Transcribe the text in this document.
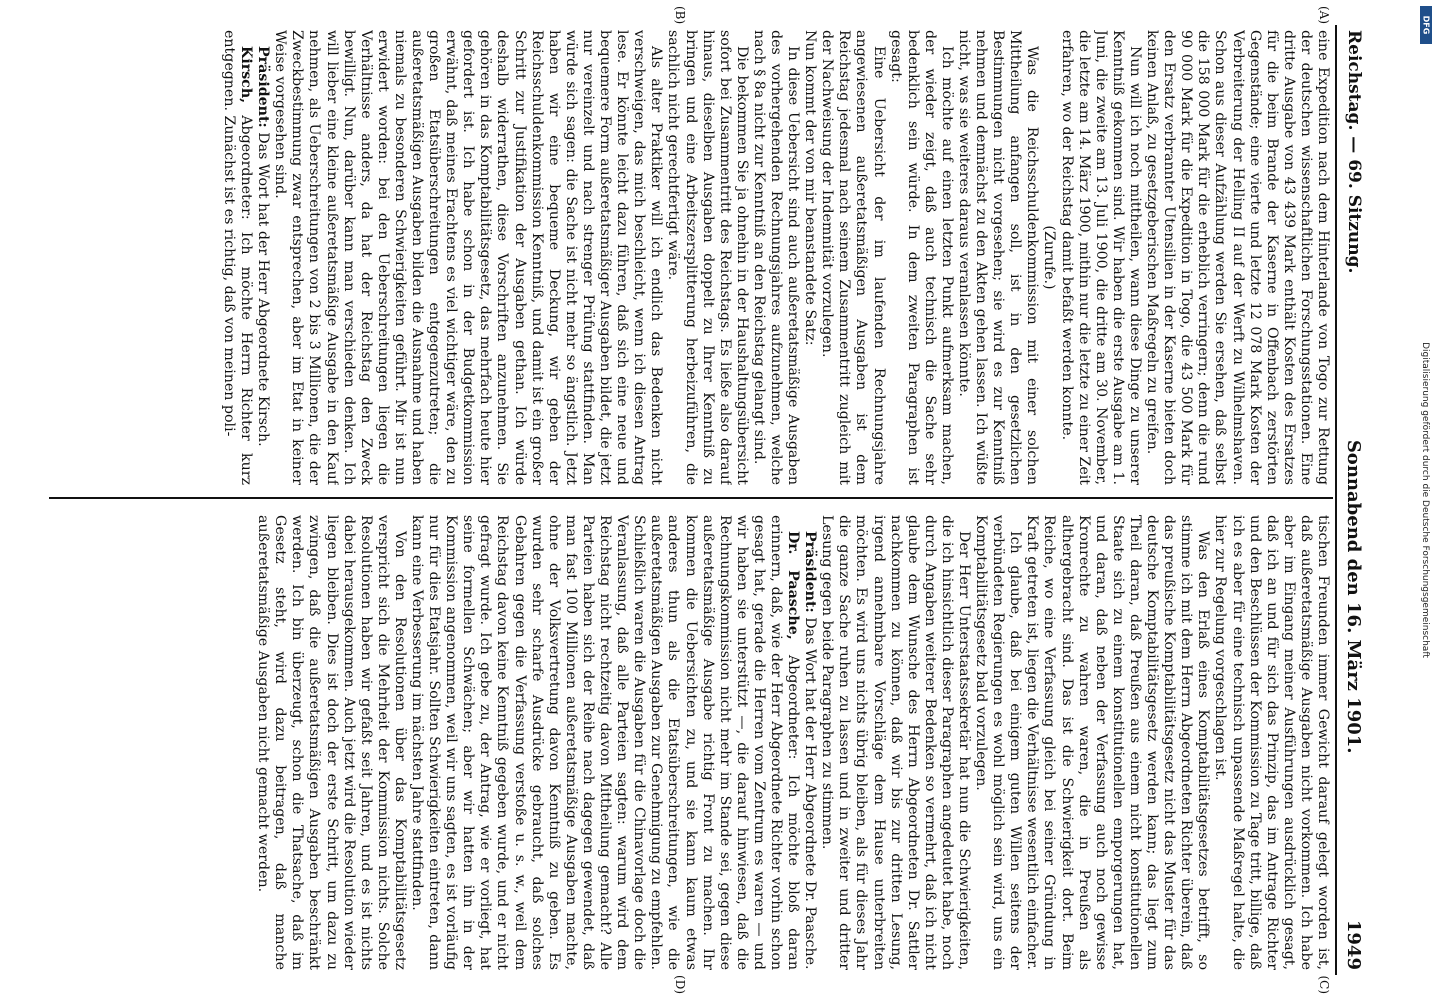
Reichstag. — 69. Sitzung.
Sonnabend den 16. März 1901.
1949
(A)
(B)
(C)
(D)

eine Expedition nach dem Hinterlande von Togo zur Rettung der deutschen wissenschaftlichen Forschungsstationen. Eine dritte Ausgabe von 43 439 Mark enthält Kosten des Ersatzes für die beim Brande der Kaserne in Offenbach zerstörten Gegenstände; eine vierte und letzte 12 078 Mark Kosten der Verbreiterung der Helling II auf der Werft zu Wilhelmshaven. Schon aus dieser Aufzählung werden Sie ersehen, daß selbst die 158 000 Mark für die erheblich verringern; denn die rund 90 000 Mark für die Expedition in Togo, die 43 500 Mark für den Ersatz verbrannter Utensilien in der Kaserne bieten doch keinen Anlaß, zu gesetzgeberischen Maßregeln zu greifen.

Nun will ich noch mittheilen, wann diese Dinge zu unserer Kenntniß gekommen sind. Wir haben die erste Ausgabe am 1. Juni, die zweite am 13. Juli 1900, die dritte am 30. November, die letzte am 14. März 1900, mithin nur die letzte zu einer Zeit erfahren, wo der Reichstag damit befaßt werden konnte.

(Zurufe.)

Was die Reichsschuldenkommission mit einer solchen Mittheilung anfangen soll, ist in den gesetzlichen Bestimmungen nicht vorgesehen; sie wird es zur Kenntniß nehmen und demnächst zu den Akten gehen lassen. Ich wüßte nicht, was sie weiteres daraus veranlassen könnte.

Ich möchte auf einen letzten Punkt aufmerksam machen, der wieder zeigt, daß auch technisch die Sache sehr bedenklich sein würde. In dem zweiten Paragraphen ist gesagt:

Eine Uebersicht der im laufenden Rechnungsjahre angewiesenen außeretatsmäßigen Ausgaben ist dem Reichstag jedesmal nach seinem Zusammentritt zugleich mit der Nachweisung der Indemnität vorzulegen.

Nun kommt der von mir beanstandete Satz:

In diese Uebersicht sind auch außeretatsmäßige Ausgaben des vorhergehenden Rechnungsjahres aufzunehmen, welche nach § 8a nicht zur Kenntniß an den Reichstag gelangt sind.

Die bekommen Sie ja ohnehin in der Haushaltungsübersicht sofort bei Zusammentritt des Reichstags. Es ließe also darauf hinaus, dieselben Ausgaben doppelt zu Ihrer Kenntniß zu bringen und eine Arbeitszersplitterung herbeizuführen, die sachlich nicht gerechtfertigt wäre.

Als alter Praktiker will ich endlich das Bedenken nicht verschweigen, das mich beschleicht, wenn ich diesen Antrag lese. Er könnte leicht dazu führen, daß sich eine neue und bequemere Form außeretatsmäßiger Ausgaben bildet, die jetzt nur vereinzelt und nach strenger Prüfung stattfinden. Man würde sich sagen: die Sache ist nicht mehr so ängstlich. Jetzt haben wir eine bequeme Deckung, wir geben der Reichsschuldenkommission Kenntniß, und damit ist ein großer Schritt zur Justifikation der Ausgaben gethan. Ich würde deshalb widerrathen, diese Vorschriften anzunehmen. Sie gehören in das Komptabilitätsgesetz, das mehrfach heute hier gefordert ist. Ich habe schon in der Budgetkommission erwähnt, daß meines Erachtens es viel wichtiger wäre, den zu großen Etatsüberschreitungen entgegenzutreten; die außeretatsmäßigen Ausgaben bilden die Ausnahme und haben niemals zu besonderen Schwierigkeiten geführt. Mir ist nun erwidert worden: bei den Ueberschreitungen liegen die Verhältnisse anders, da hat der Reichstag den Zweck bewilligt. Nun, darüber kann man verschieden denken. Ich will lieber eine kleine außeretatsmäßige Ausgabe in den Kauf nehmen, als Ueberschreitungen von 2 bis 3 Millionen, die der Zweckbestimmung zwar entsprechen, aber im Etat in keiner Weise vorgesehen sind.

Präsident: Das Wort hat der Herr Abgeordnete Kirsch.

Kirsch, Abgeordneter: Ich möchte Herrn Richter kurz entgegnen. Zunächst ist es richtig, daß von meinen poli-

tischen Freunden immer Gewicht darauf gelegt worden ist, daß außeretatsmäßige Ausgaben nicht vorkommen. Ich habe aber im Eingang meiner Ausführungen ausdrücklich gesagt, daß ich an und für sich das Prinzip, das im Antrage Richter und den Beschlüssen der Kommission zu Tage tritt, billige, daß ich es aber für eine technisch unpassende Maßregel halte, die hier zur Regelung vorgeschlagen ist.

Was den Erlaß eines Komptabilitätsgesetzes betrifft, so stimme ich mit dem Herrn Abgeordneten Richter überein, daß das preußische Komptabilitätsgesetz nicht das Muster für das deutsche Komptabilitätsgesetz werden kann; das liegt zum Theil daran, daß Preußen aus einem nicht konstitutionellen Staate sich zu einem konstitutionellen emporgerungen hat, und daran, daß neben der Verfassung auch noch gewisse Kronrechte zu wahren waren, die in Preußen als althergebracht sind. Das ist die Schwierigkeit dort. Beim Reiche, wo eine Verfassung gleich bei seiner Gründung in Kraft getreten ist, liegen die Verhältnisse wesentlich einfacher.

Ich glaube, daß bei einigem guten Willen seitens der verbündeten Regierungen es wohl möglich sein wird, uns ein Komptabilitätsgesetz bald vorzulegen.

Der Herr Unterstaatssekretär hat nun die Schwierigkeiten, die ich hinsichtlich dieser Paragraphen angedeutet habe, noch durch Angaben weiterer Bedenken so vermehrt, daß ich nicht glaube dem Wunsche des Herrn Abgeordneten Dr. Sattler nachkommen zu können, daß wir bis zur dritten Lesung, irgend annehmbare Vorschläge dem Hause unterbreiten möchten. Es wird uns nichts übrig bleiben, als für dieses Jahr die ganze Sache ruhen zu lassen und in zweiter und dritter Lesung gegen beide Paragraphen zu stimmen.

Präsident: Das Wort hat der Herr Abgeordnete Dr. Paasche.

Dr. Paasche, Abgeordneter: Ich möchte bloß daran erinnern, daß, wie der Herr Abgeordnete Richter vorhin schon gesagt hat, gerade die Herren vom Zentrum es waren — und wir haben sie unterstützt —, die darauf hinwiesen, daß die Rechnungskommission nicht mehr im Stande sei, gegen diese außeretatsmäßige Ausgabe richtig Front zu machen. Ihr kommen die Uebersichten zu, und sie kann kaum etwas anderes thun als die Etatsüberschreitungen, wie die außeretatsmäßigen Ausgaben zur Genehmigung zu empfehlen. Schließlich waren die Ausgaben für die Chinavorlage doch die Veranlassung, daß alle Parteien sagten: warum wird dem Reichstag nicht rechtzeitig davon Mittheilung gemacht? Alle Parteien haben sich der Reihe nach dagegen gewendet, daß man fast 100 Millionen außeretatsmäßige Ausgaben machte, ohne der Volksvertretung davon Kenntniß zu geben. Es wurden sehr scharfe Ausdrücke gebraucht, daß solches Gebahren gegen die Verfassung verstoße u. s. w., weil dem Reichstag davon keine Kenntniß gegeben wurde, und er nicht gefragt wurde. Ich gebe zu, der Antrag, wie er vorliegt, hat seine formellen Schwächen; aber wir hatten ihn in der Kommission angenommen, weil wir uns sagten, es ist vorläufig nur für dies Etatsjahr. Sollten Schwierigkeiten eintreten, dann kann eine Verbesserung im nächsten Jahre stattfinden.

Von den Resolutionen über das Komptabilitätsgesetz verspricht sich die Mehrheit der Kommission nichts. Solche Resolutionen haben wir gefaßt seit Jahren, und es ist nichts dabei herausgekommen. Auch jetzt wird die Resolution wieder liegen bleiben. Dies ist doch der erste Schritt, um dazu zu zwingen, daß die außeretatsmäßigen Ausgaben beschränkt werden. Ich bin überzeugt, schon die Thatsache, daß im Gesetz steht, wird dazu beitragen, daß manche außeretatsmäßige Ausgaben nicht gemacht werden.

Digitalisierung gefördert durch die Deutsche Forschungsgemeinschaft
DFG
